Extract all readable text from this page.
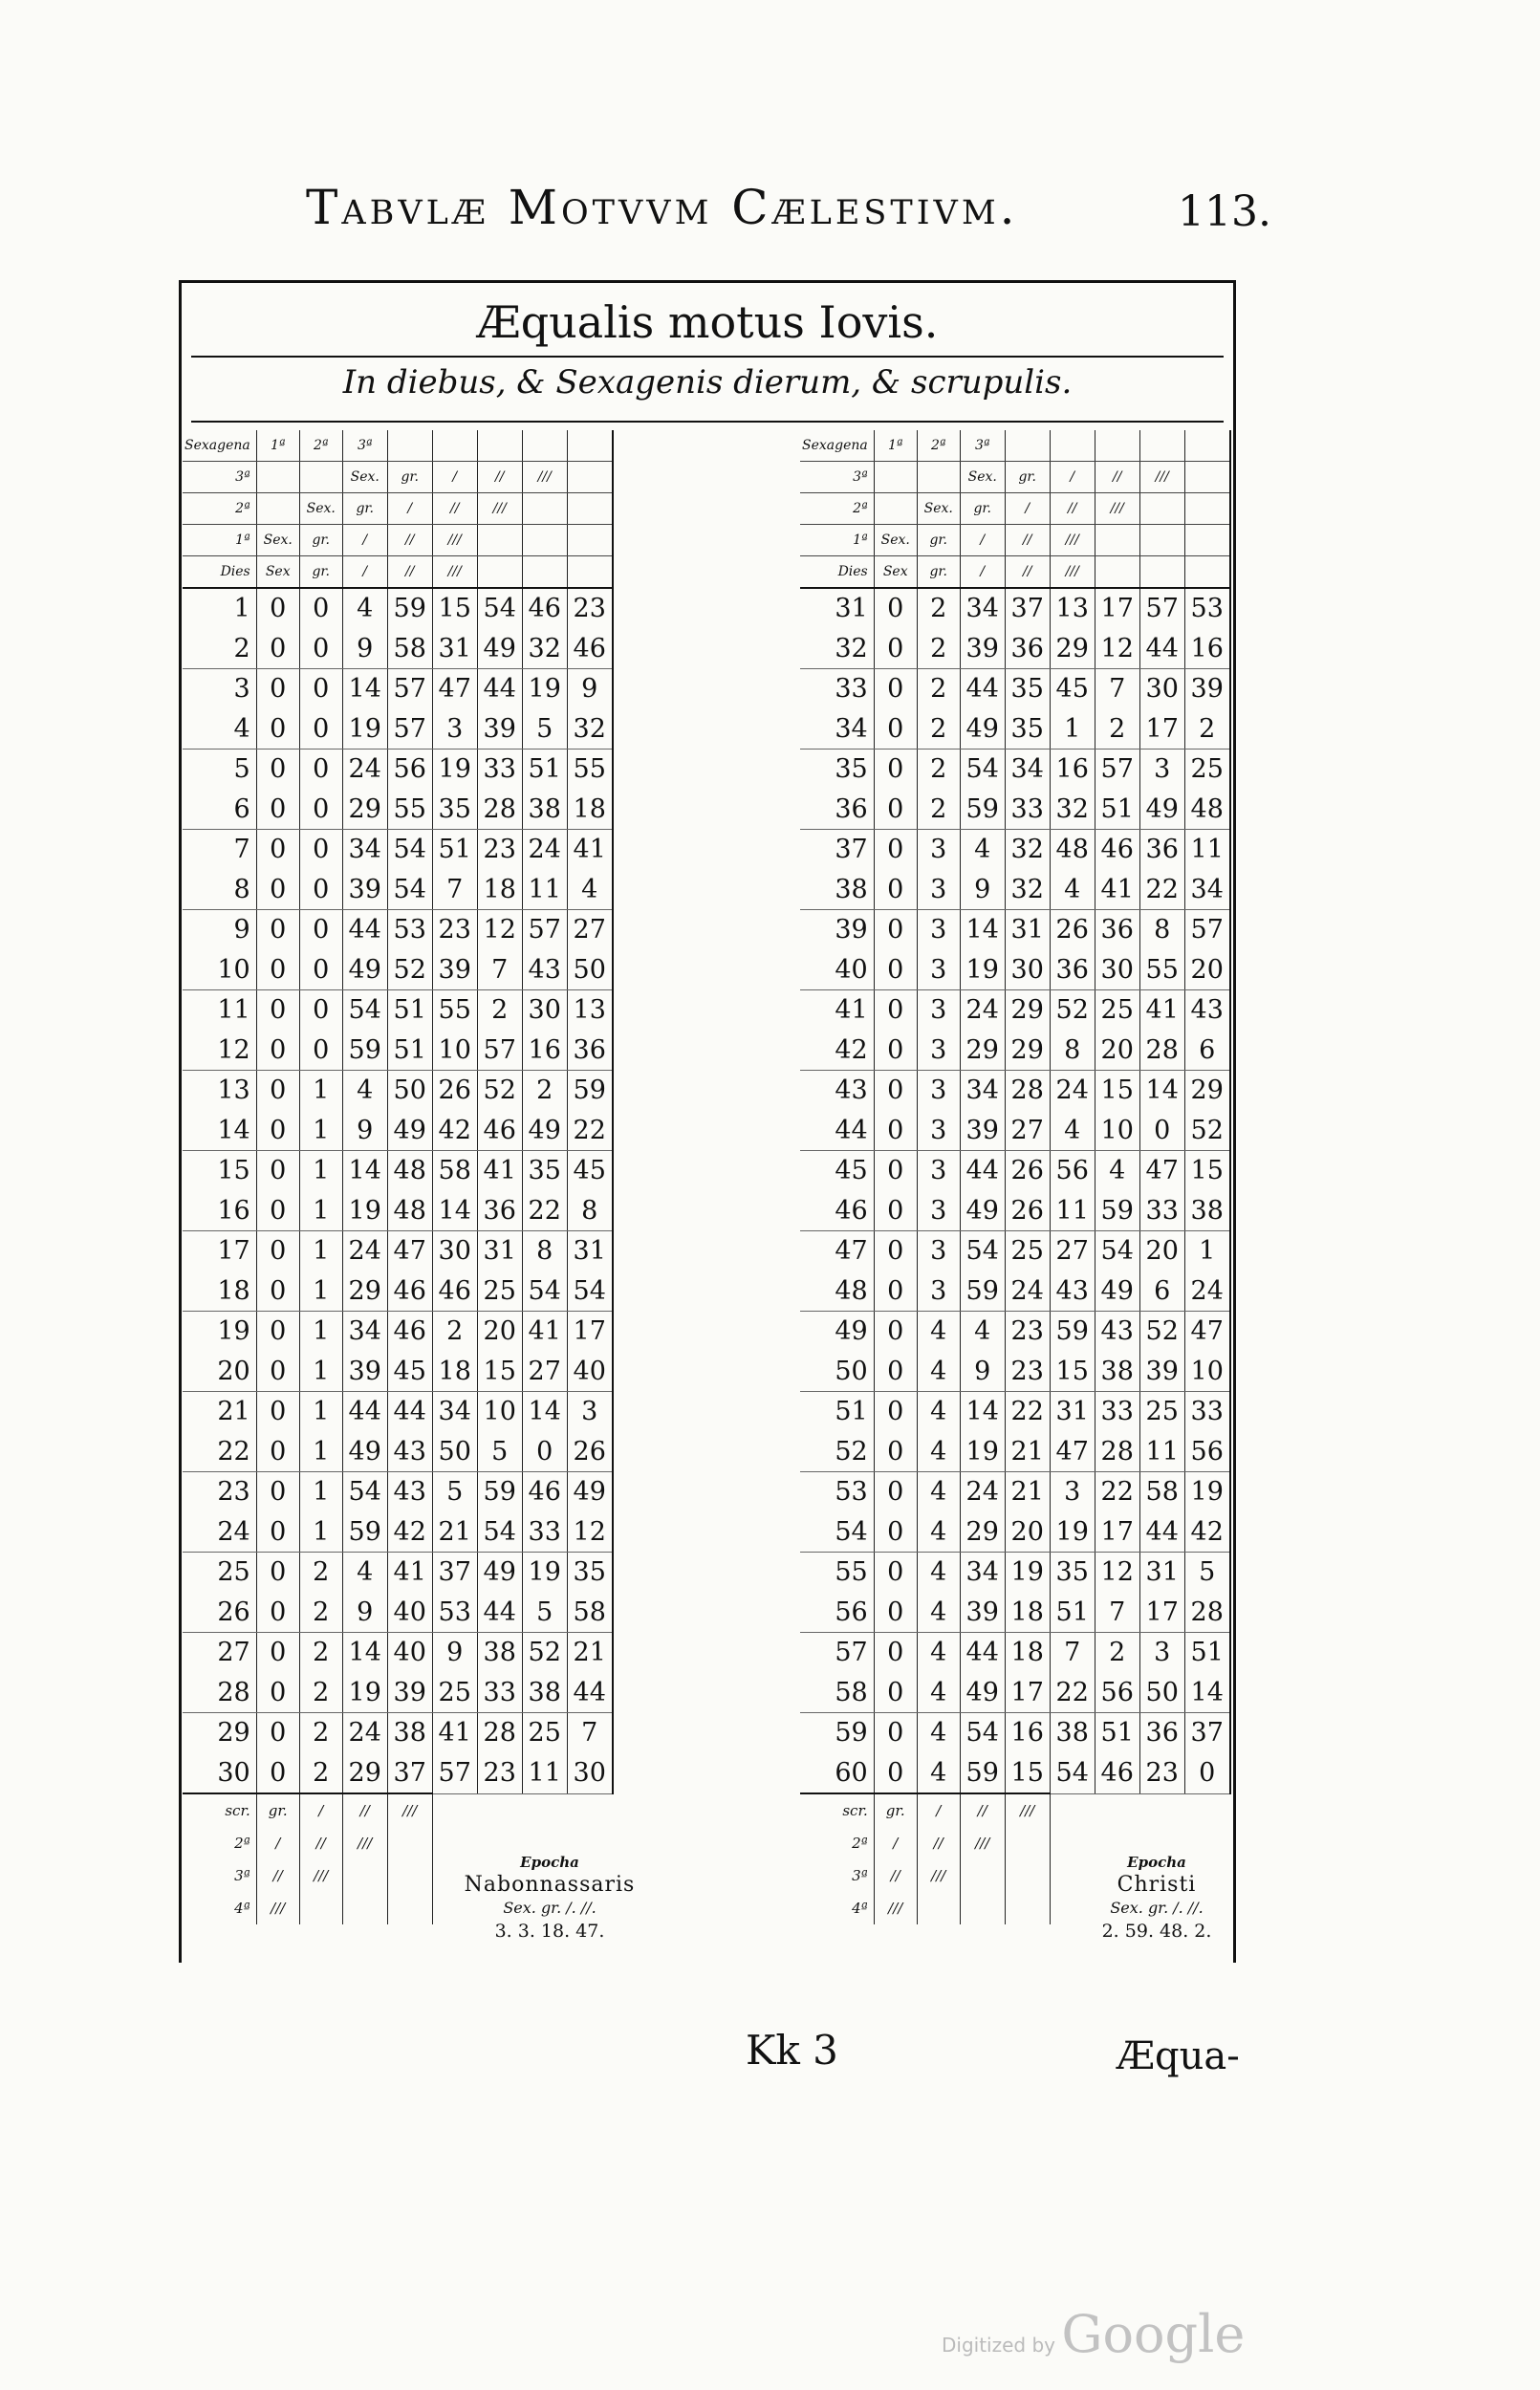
Tabvlæ Motvvm Cælestivm.	113.
Æqualis motus Iovis.
In diebus, & Sexagenis dierum, & scrupulis.
Sexagena	1ª	2ª	3ª					
3ª			Sex.	gr.	/	//	///	
2ª		Sex.	gr.	/	//	///		
1ª	Sex.	gr.	/	//	///			
Dies	Sex	gr.	/	//	///			
1	0	0	4	59	15	54	46	23
2	0	0	9	58	31	49	32	46
3	0	0	14	57	47	44	19	9
4	0	0	19	57	3	39	5	32
5	0	0	24	56	19	33	51	55
6	0	0	29	55	35	28	38	18
7	0	0	34	54	51	23	24	41
8	0	0	39	54	7	18	11	4
9	0	0	44	53	23	12	57	27
10	0	0	49	52	39	7	43	50
11	0	0	54	51	55	2	30	13
12	0	0	59	51	10	57	16	36
13	0	1	4	50	26	52	2	59
14	0	1	9	49	42	46	49	22
15	0	1	14	48	58	41	35	45
16	0	1	19	48	14	36	22	8
17	0	1	24	47	30	31	8	31
18	0	1	29	46	46	25	54	54
19	0	1	34	46	2	20	41	17
20	0	1	39	45	18	15	27	40
21	0	1	44	44	34	10	14	3
22	0	1	49	43	50	5	0	26
23	0	1	54	43	5	59	46	49
24	0	1	59	42	21	54	33	12
25	0	2	4	41	37	49	19	35
26	0	2	9	40	53	44	5	58
27	0	2	14	40	9	38	52	21
28	0	2	19	39	25	33	38	44
29	0	2	24	38	41	28	25	7
30	0	2	29	37	57	23	11	30
scr.	gr.	/	//	///				
2ª	/	//	///					
3ª	//	///						
4ª	///							
Sexagena	1ª	2ª	3ª					
3ª			Sex.	gr.	/	//	///	
2ª		Sex.	gr.	/	//	///		
1ª	Sex.	gr.	/	//	///			
Dies	Sex	gr.	/	//	///			
31	0	2	34	37	13	17	57	53
32	0	2	39	36	29	12	44	16
33	0	2	44	35	45	7	30	39
34	0	2	49	35	1	2	17	2
35	0	2	54	34	16	57	3	25
36	0	2	59	33	32	51	49	48
37	0	3	4	32	48	46	36	11
38	0	3	9	32	4	41	22	34
39	0	3	14	31	26	36	8	57
40	0	3	19	30	36	30	55	20
41	0	3	24	29	52	25	41	43
42	0	3	29	29	8	20	28	6
43	0	3	34	28	24	15	14	29
44	0	3	39	27	4	10	0	52
45	0	3	44	26	56	4	47	15
46	0	3	49	26	11	59	33	38
47	0	3	54	25	27	54	20	1
48	0	3	59	24	43	49	6	24
49	0	4	4	23	59	43	52	47
50	0	4	9	23	15	38	39	10
51	0	4	14	22	31	33	25	33
52	0	4	19	21	47	28	11	56
53	0	4	24	21	3	22	58	19
54	0	4	29	20	19	17	44	42
55	0	4	34	19	35	12	31	5
56	0	4	39	18	51	7	17	28
57	0	4	44	18	7	2	3	51
58	0	4	49	17	22	56	50	14
59	0	4	54	16	38	51	36	37
60	0	4	59	15	54	46	23	0
scr.	gr.	/	//	///				
2ª	/	//	///					
3ª	//	///						
4ª	///							
Epocha
Nabonnassaris
Sex. gr. /. //.
3. 3. 18. 47.
Epocha
Christi
Sex. gr. /. //.
2. 59. 48. 2.
Kk 3	Æqua-
Digitized by Google
